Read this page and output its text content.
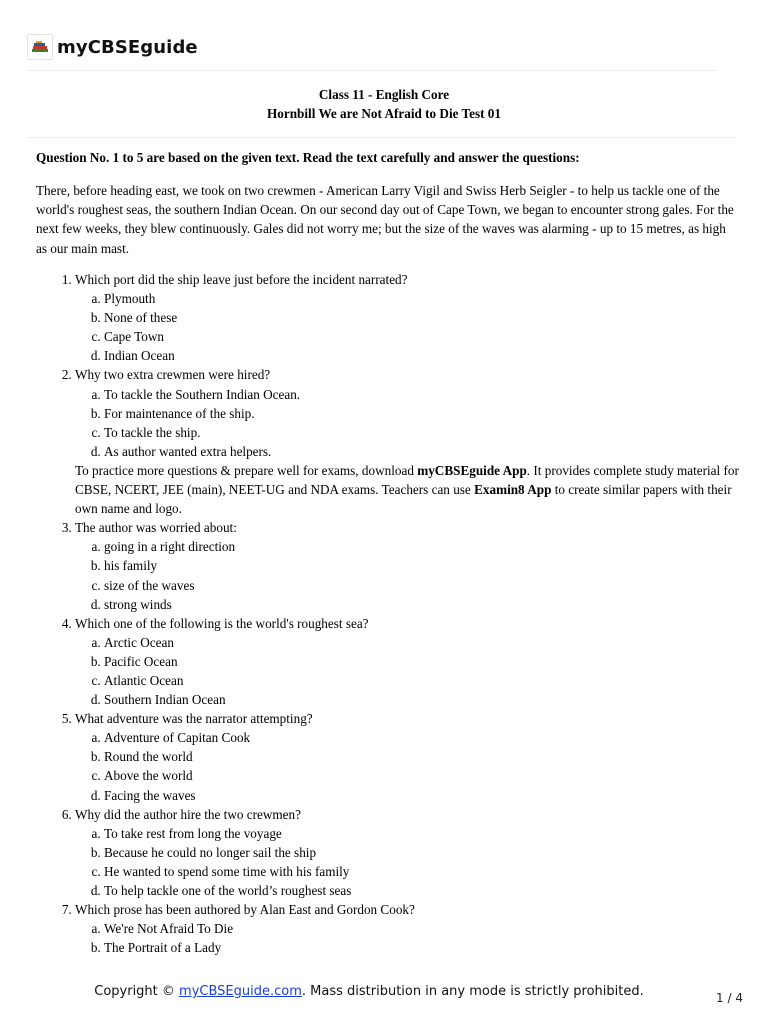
myCBSEguide
Class 11 - English Core
Hornbill We are Not Afraid to Die Test 01
Question No. 1 to 5 are based on the given text. Read the text carefully and answer the questions:
There, before heading east, we took on two crewmen - American Larry Vigil and Swiss Herb Seigler - to help us tackle one of the world's roughest seas, the southern Indian Ocean. On our second day out of Cape Town, we began to encounter strong gales. For the next few weeks, they blew continuously. Gales did not worry me; but the size of the waves was alarming - up to 15 metres, as high as our main mast.
1. Which port did the ship leave just before the incident narrated?
a. Plymouth
b. None of these
c. Cape Town
d. Indian Ocean
2. Why two extra crewmen were hired?
a. To tackle the Southern Indian Ocean.
b. For maintenance of the ship.
c. To tackle the ship.
d. As author wanted extra helpers.
To practice more questions & prepare well for exams, download myCBSEguide App. It provides complete study material for CBSE, NCERT, JEE (main), NEET-UG and NDA exams. Teachers can use Examin8 App to create similar papers with their own name and logo.
3. The author was worried about:
a. going in a right direction
b. his family
c. size of the waves
d. strong winds
4. Which one of the following is the world's roughest sea?
a. Arctic Ocean
b. Pacific Ocean
c. Atlantic Ocean
d. Southern Indian Ocean
5. What adventure was the narrator attempting?
a. Adventure of Capitan Cook
b. Round the world
c. Above the world
d. Facing the waves
6. Why did the author hire the two crewmen?
a. To take rest from long the voyage
b. Because he could no longer sail the ship
c. He wanted to spend some time with his family
d. To help tackle one of the world’s roughest seas
7. Which prose has been authored by Alan East and Gordon Cook?
a. We're Not Afraid To Die
b. The Portrait of a Lady
Copyright © myCBSEguide.com. Mass distribution in any mode is strictly prohibited.	1 / 4
